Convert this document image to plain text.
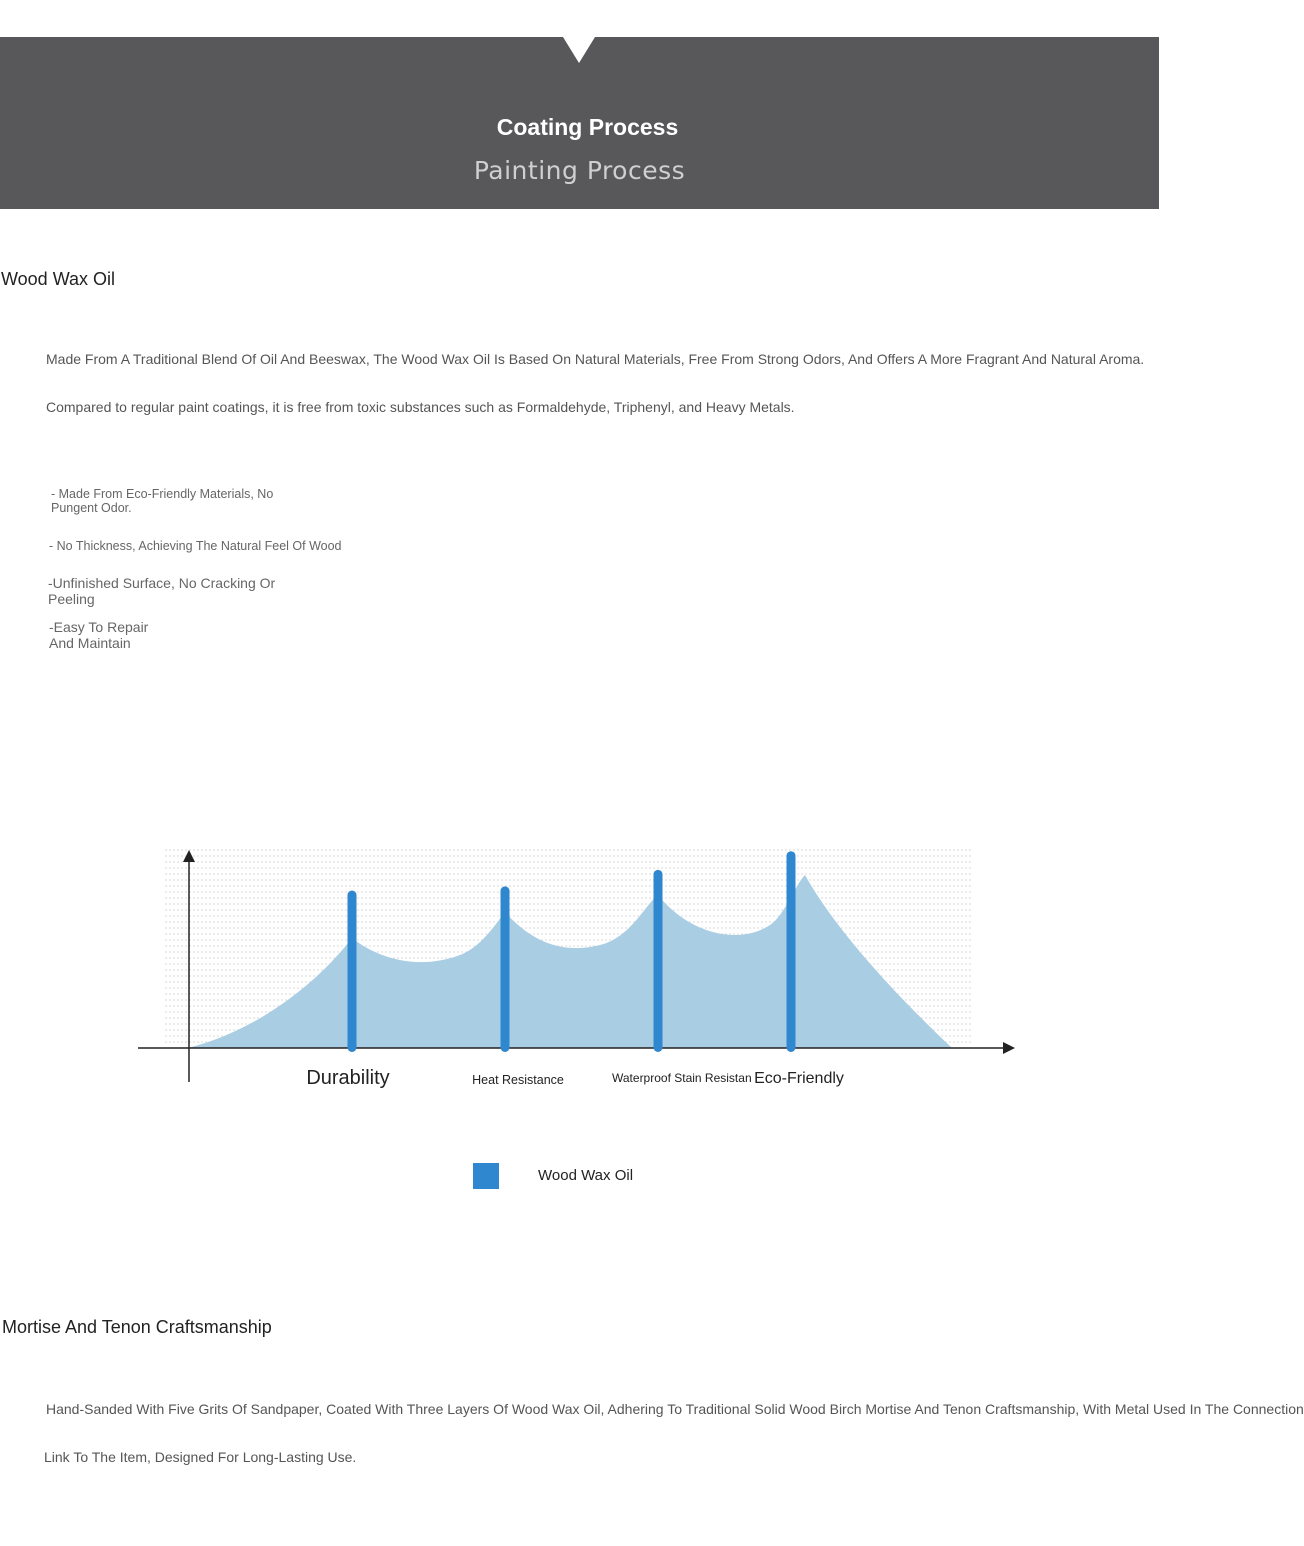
Coating Process
Painting Process
Wood Wax Oil
Made From A Traditional Blend Of Oil And Beeswax, The Wood Wax Oil Is Based On Natural Materials, Free From Strong Odors, And Offers A More Fragrant And Natural Aroma.
Compared to regular paint coatings, it is free from toxic substances such as Formaldehyde, Triphenyl, and Heavy Metals.
- Made From Eco-Friendly Materials, No
Pungent Odor.
- No Thickness, Achieving The Natural Feel Of Wood
-Unfinished Surface, No Cracking Or
Peeling
-Easy To Repair
And Maintain
Durability	Heat Resistance	Waterproof Stain Resistan Eco-Friendly
Wood Wax Oil
Mortise And Tenon Craftsmanship
Hand-Sanded With Five Grits Of Sandpaper, Coated With Three Layers Of Wood Wax Oil, Adhering To Traditional Solid Wood Birch Mortise And Tenon Craftsmanship, With Metal Used In The Connection
Link To The Item, Designed For Long-Lasting Use.
